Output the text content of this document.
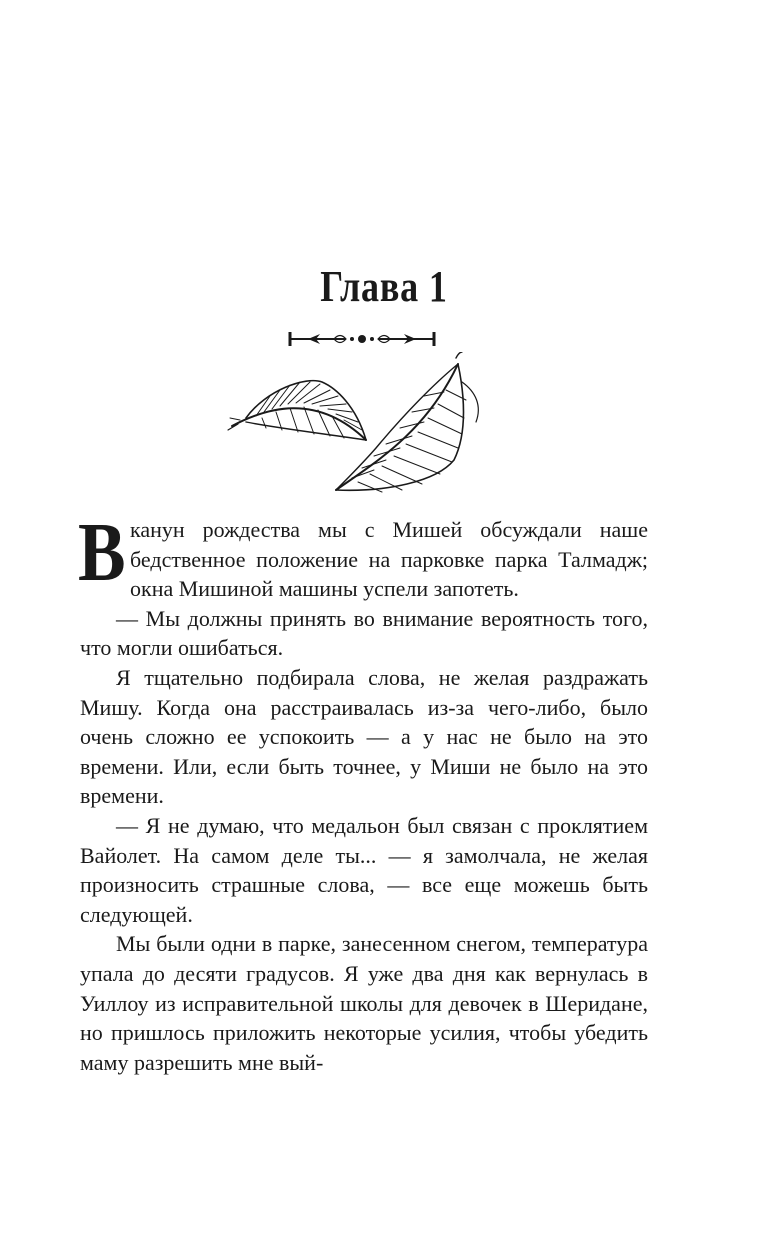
Глава 1

В канун рождества мы с Мишей обсуждали наше бедственное положение на парковке парка Талмадж; окна Мишиной машины успели запотеть.

— Мы должны принять во внимание вероятность того, что могли ошибаться.

Я тщательно подбирала слова, не желая раздражать Мишу. Когда она расстраивалась из-за чего-либо, было очень сложно ее успокоить — а у нас не было на это времени. Или, если быть точнее, у Миши не было на это времени.

— Я не думаю, что медальон был связан с проклятием Вайолет. На самом деле ты... — я замолчала, не желая произносить страшные слова, — все еще можешь быть следующей.

Мы были одни в парке, занесенном снегом, температура упала до десяти градусов. Я уже два дня как вернулась в Уиллоу из исправительной школы для девочек в Шеридане, но пришлось приложить некоторые усилия, чтобы убедить маму разрешить мне вый-
